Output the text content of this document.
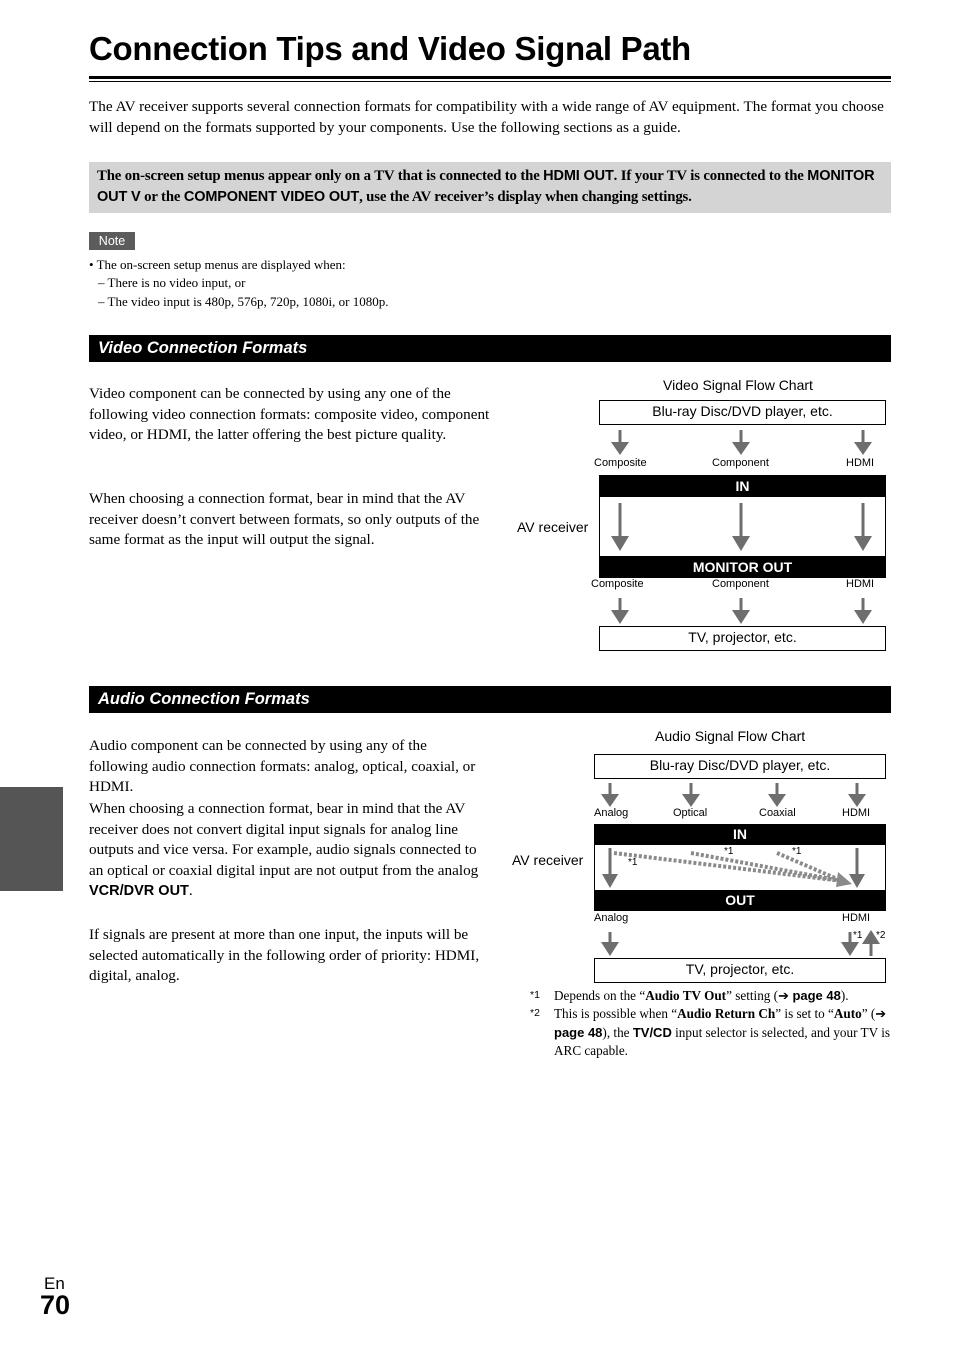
Connection Tips and Video Signal Path

The AV receiver supports several connection formats for compatibility with a wide range of AV equipment. The format you choose will depend on the formats supported by your components. Use the following sections as a guide.

The on-screen setup menus appear only on a TV that is connected to the HDMI OUT. If your TV is connected to the MONITOR OUT V or the COMPONENT VIDEO OUT, use the AV receiver’s display when changing settings.

Note
• The on-screen setup menus are displayed when:
– There is no video input, or
– The video input is 480p, 576p, 720p, 1080i, or 1080p.
Video Connection Formats

Video component can be connected by using any one of the following video connection formats: composite video, component video, or HDMI, the latter offering the best picture quality.

When choosing a connection format, bear in mind that the AV receiver doesn’t convert between formats, so only outputs of the same format as the input will output the signal.

Video Signal Flow Chart
Blu-ray Disc/DVD player, etc.
Composite	Component	HDMI
IN
MONITOR OUT
AV receiver
Composite	Component	HDMI
TV, projector, etc.
Audio Connection Formats

Audio component can be connected by using any of the following audio connection formats: analog, optical, coaxial, or HDMI.

When choosing a connection format, bear in mind that the AV receiver does not convert digital input signals for analog line outputs and vice versa. For example, audio signals connected to an optical or coaxial digital input are not output from the analog VCR/DVR OUT.

If signals are present at more than one input, the inputs will be selected automatically in the following order of priority: HDMI, digital, analog.

Audio Signal Flow Chart
Blu-ray Disc/DVD player, etc.
Analog	Optical	Coaxial	HDMI
IN
OUT
AV receiver	*1
*1	*1
Analog	HDMI
*1 *2
TV, projector, etc.
*1 Depends on the “Audio TV Out” setting (➔ page 48).
*2 This is possible when “Audio Return Ch” is set to “Auto” (➔ page 48), the TV/CD input selector is selected, and your TV is ARC capable.
En
70
